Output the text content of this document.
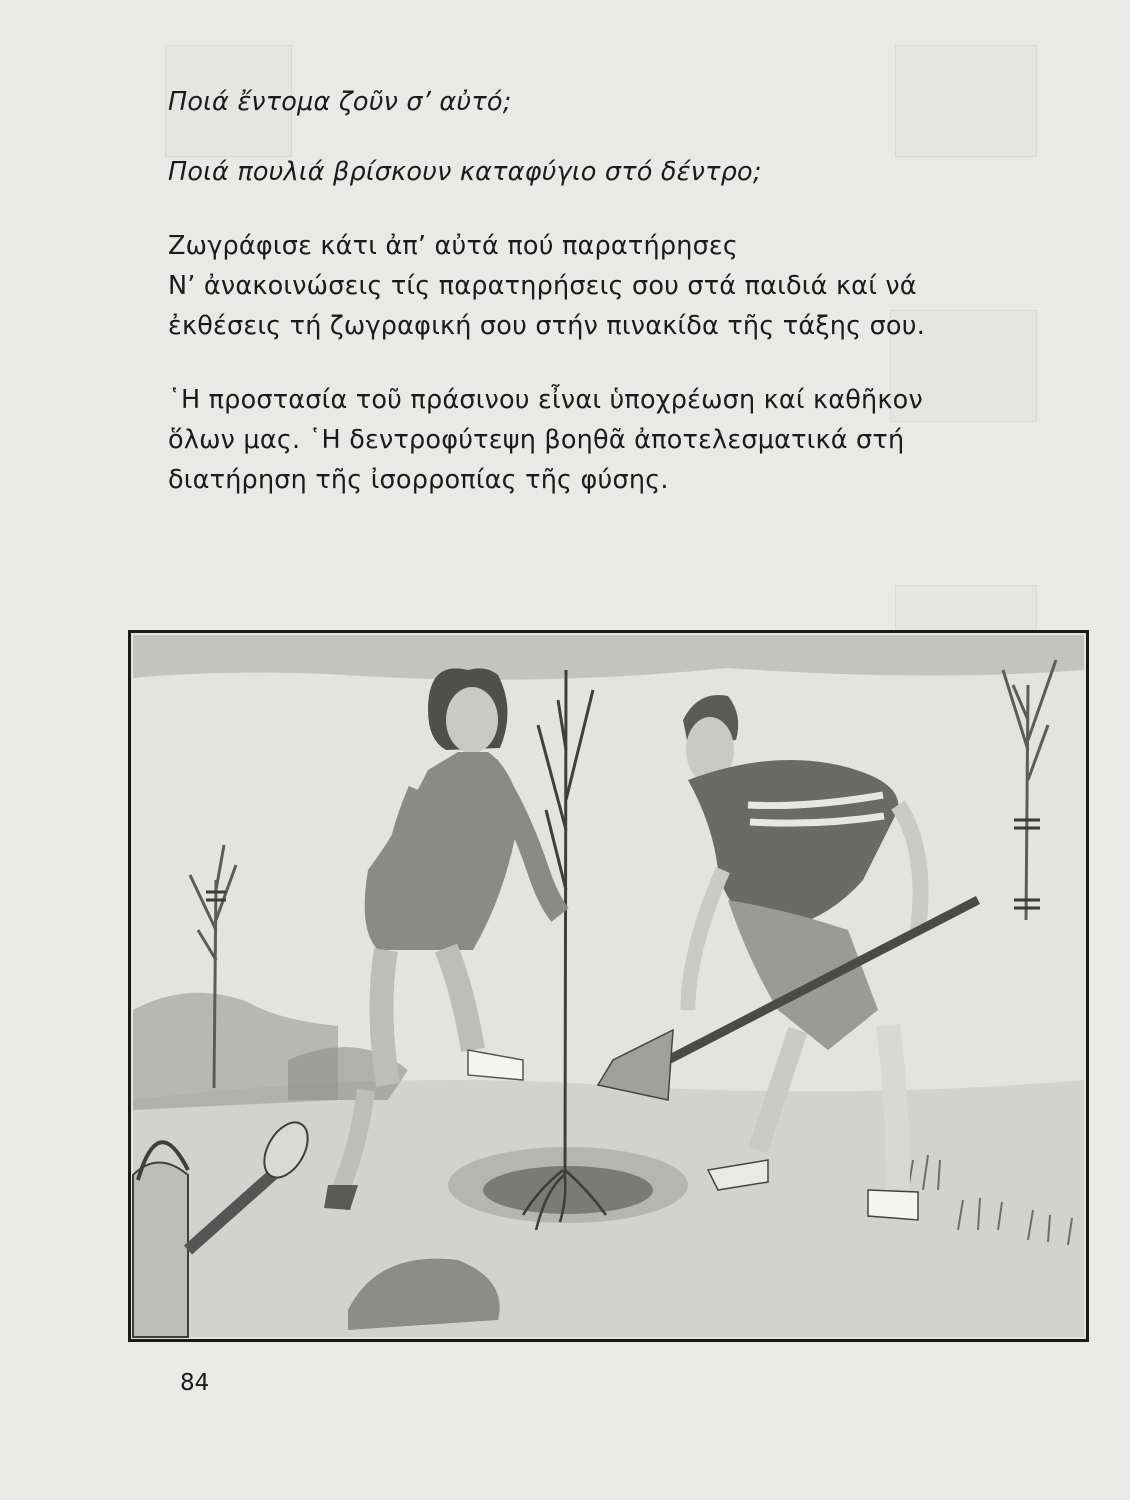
Ποιά ἔντομα ζοῦν σ’ αὐτό;
Ποιά πουλιά βρίσκουν καταφύγιο στό δέντρο;
Ζωγράφισε κάτι ἀπ’ αὐτά πού παρατήρησες
Ν’ ἀνακοινώσεις τίς παρατηρήσεις σου στά παιδιά καί νά
ἐκθέσεις τή ζωγραφική σου στήν πινακίδα τῆς τάξης σου.
῾Η προστασία τοῦ πράσινου εἶναι ὑποχρέωση καί καθῆκον
ὅλων μας. ῾Η δεντροφύτεψη βοηθᾶ ἀποτελεσματικά στή
διατήρηση τῆς ἰσορροπίας τῆς φύσης.
84
